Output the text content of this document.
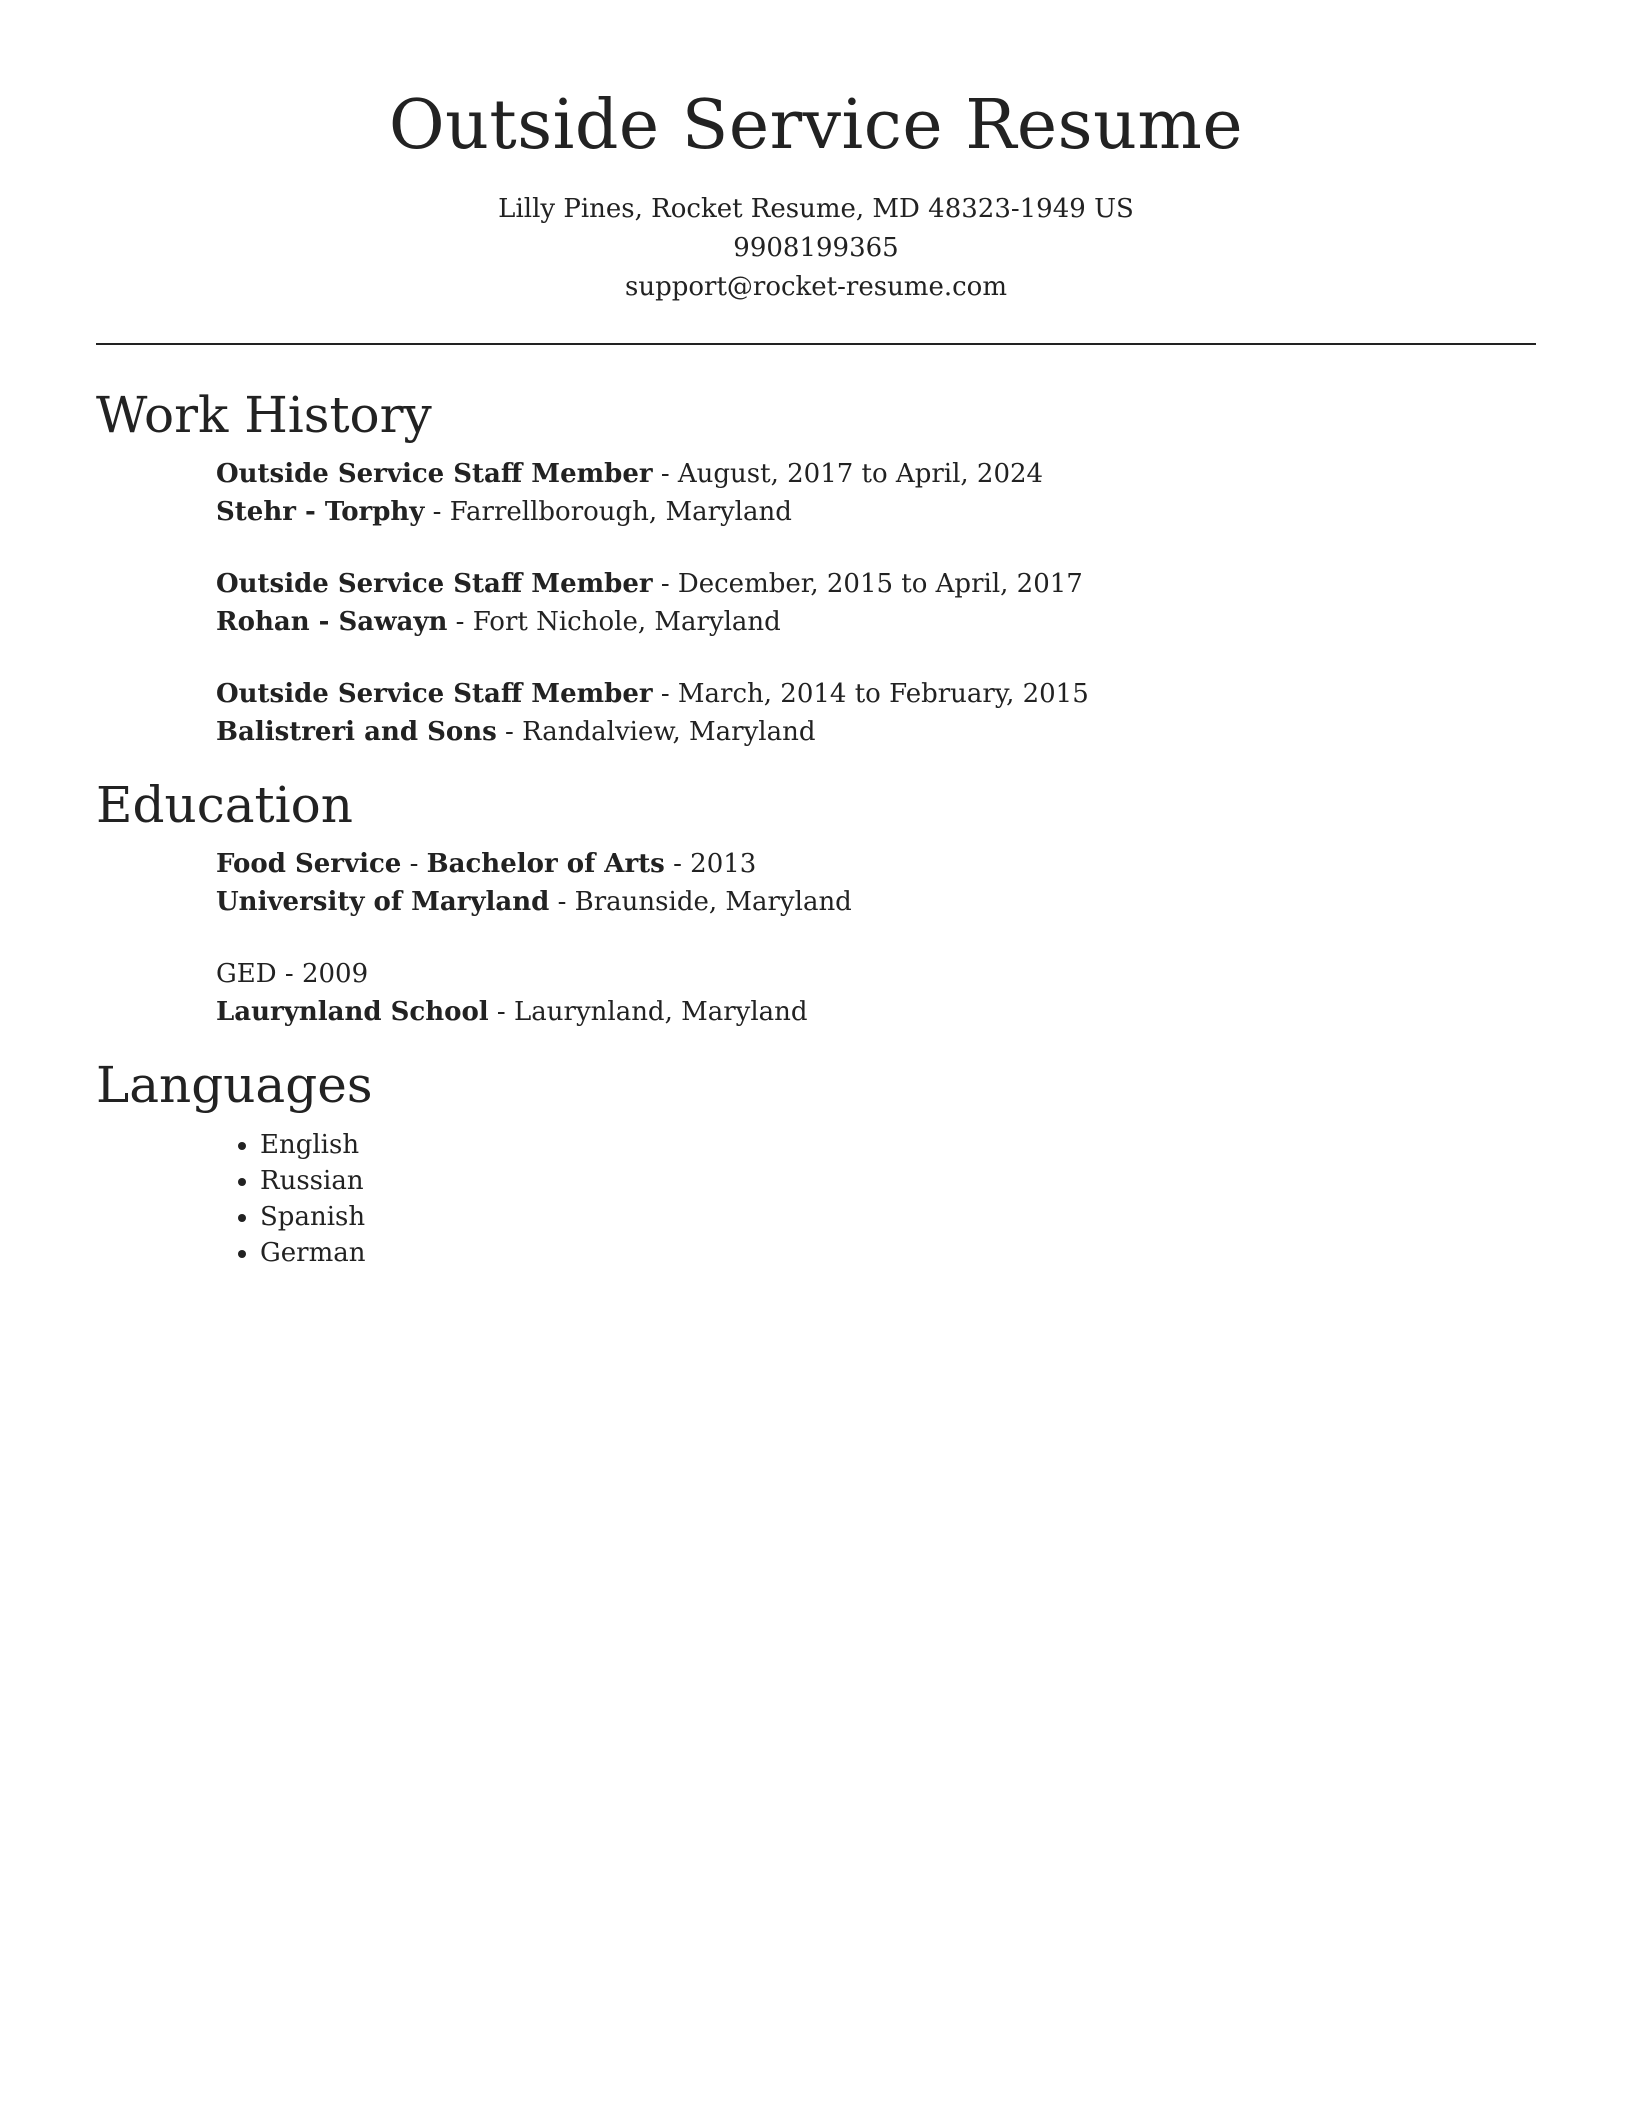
Outside Service Resume
Lilly Pines, Rocket Resume, MD 48323-1949 US
9908199365
support@rocket-resume.com
Work History
Outside Service Staff Member - August, 2017 to April, 2024
Stehr - Torphy - Farrellborough, Maryland
Outside Service Staff Member - December, 2015 to April, 2017
Rohan - Sawayn - Fort Nichole, Maryland
Outside Service Staff Member - March, 2014 to February, 2015
Balistreri and Sons - Randalview, Maryland
Education
Food Service - Bachelor of Arts - 2013
University of Maryland - Braunside, Maryland
GED - 2009
Laurynland School - Laurynland, Maryland
Languages
• English
• Russian
• Spanish
• German
